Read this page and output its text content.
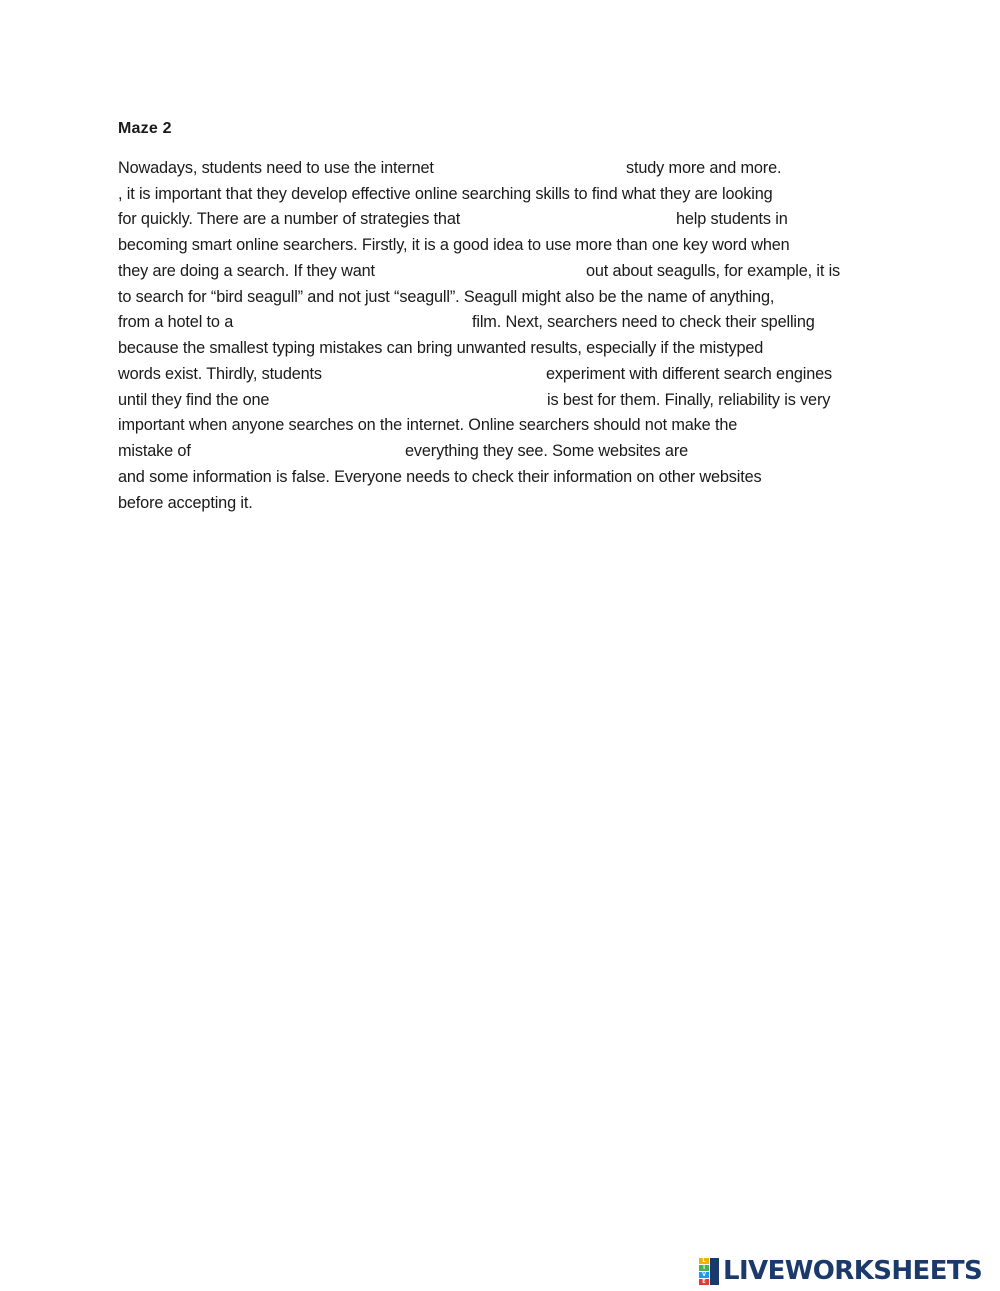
Maze 2
Nowadays, students need to use the internet	study more and more.
, it is important that they develop effective online searching skills to find what they are looking
for quickly. There are a number of strategies that	help students in
becoming smart online searchers. Firstly, it is a good idea to use more than one key word when
they are doing a search. If they want	out about seagulls, for example, it is
to search for “bird seagull” and not just “seagull”. Seagull might also be the name of anything,
from a hotel to a	film. Next, searchers need to check their spelling
because the smallest typing mistakes can bring unwanted results, especially if the mistyped
words exist. Thirdly, students	experiment with different search engines
until they find the one	is best for them. Finally, reliability is very
important when anyone searches on the internet. Online searchers should not make the
mistake of	everything they see. Some websites are
and some information is false. Everyone needs to check their information on other websites
before accepting it.
L
I
V
E LIVEWORKSHEETS
